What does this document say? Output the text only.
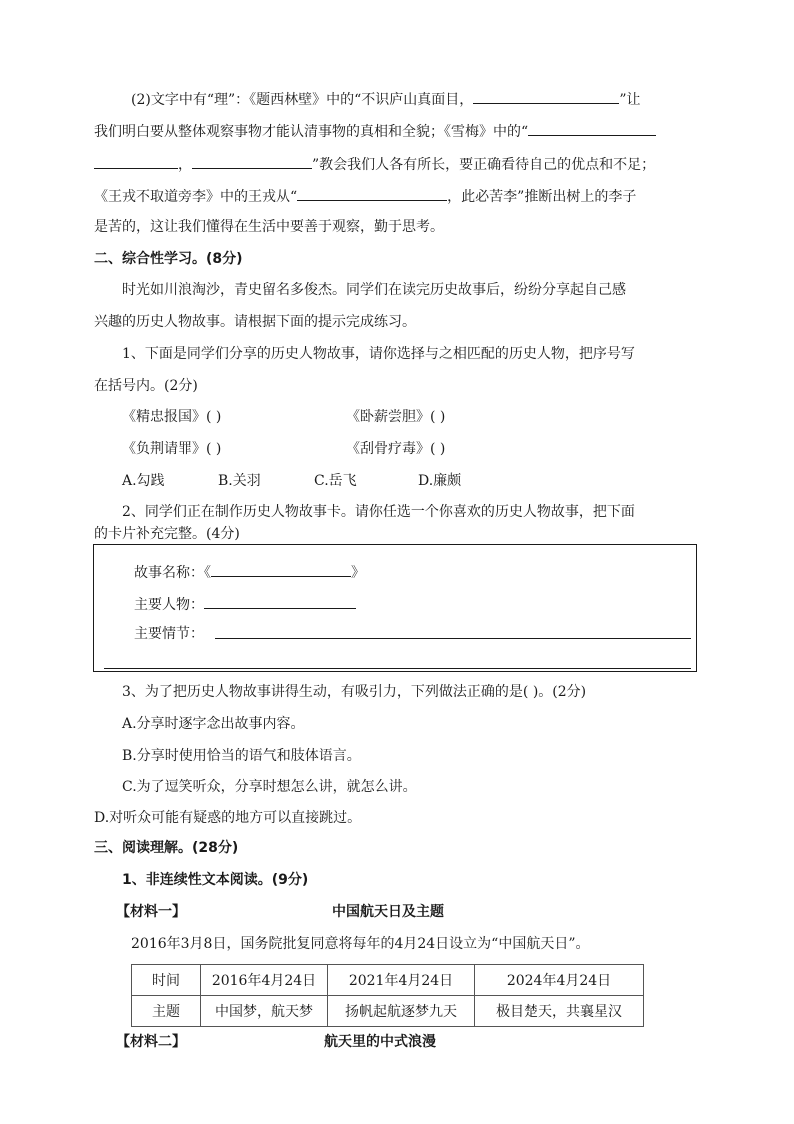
(2)文字中有“理”：《题西林壁》中的“不识庐山真面目，	”让
我们明白要从整体观察事物才能认清事物的真相和全貌；《雪梅》中的“
，	”教会我们人各有所长，要正确看待自己的优点和不足；
《王戎不取道旁李》中的王戎从“	，此必苦李”推断出树上的李子
是苦的，这让我们懂得在生活中要善于观察，勤于思考。
二、综合性学习。(8分)
时光如川浪淘沙，青史留名多俊杰。同学们在读完历史故事后，纷纷分享起自己感
兴趣的历史人物故事。请根据下面的提示完成练习。
1、下面是同学们分享的历史人物故事，请你选择与之相匹配的历史人物，把序号写
在括号内。(2分)
《精忠报国》( )	《卧薪尝胆》( )
《负荆请罪》( )	《刮骨疗毒》( )
A.勾践	B.关羽	C.岳飞	D.廉颇
2、同学们正在制作历史人物故事卡。请你任选一个你喜欢的历史人物故事，把下面
的卡片补充完整。(4分)
故事名称：《	》
主要人物：
主要情节：
3、为了把历史人物故事讲得生动，有吸引力，下列做法正确的是( )。(2分)
A.分享时逐字念出故事内容。
B.分享时使用恰当的语气和肢体语言。
C.为了逗笑听众，分享时想怎么讲，就怎么讲。
D.对听众可能有疑惑的地方可以直接跳过。
三、阅读理解。(28分)
1、非连续性文本阅读。(9分)
【材料一】	中国航天日及主题
2016年3月8日，国务院批复同意将每年的4月24日设立为“中国航天日”。
时间	2016年4月24日	2021年4月24日	2024年4月24日
主题	中国梦，航天梦	扬帆起航逐梦九天	极目楚天，共襄星汉
【材料二】	航天里的中式浪漫
